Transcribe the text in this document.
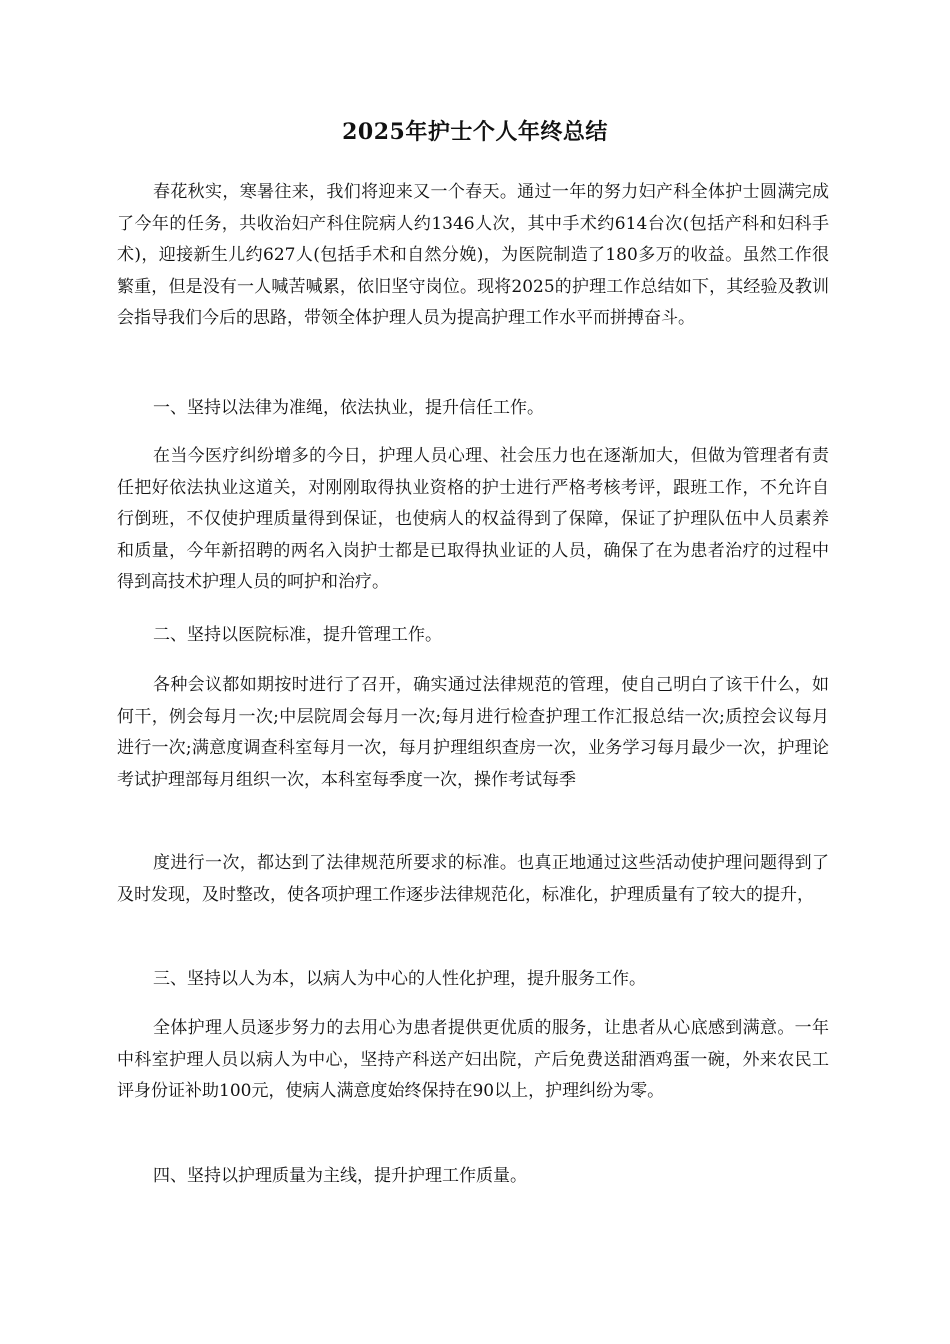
2025年护士个人年终总结

春花秋实，寒暑往来，我们将迎来又一个春天。通过一年的努力妇产科全体护士圆满完成了今年的任务，共收治妇产科住院病人约1346人次，其中手术约614台次(包括产科和妇科手术)，迎接新生儿约627人(包括手术和自然分娩)，为医院制造了180多万的收益。虽然工作很繁重，但是没有一人喊苦喊累，依旧坚守岗位。现将2025的护理工作总结如下，其经验及教训会指导我们今后的思路，带领全体护理人员为提高护理工作水平而拼搏奋斗。

一、坚持以法律为准绳，依法执业，提升信任工作。

在当今医疗纠纷增多的今日，护理人员心理、社会压力也在逐渐加大，但做为管理者有责任把好依法执业这道关，对刚刚取得执业资格的护士进行严格考核考评，跟班工作，不允许自行倒班，不仅使护理质量得到保证，也使病人的权益得到了保障，保证了护理队伍中人员素养和质量，今年新招聘的两名入岗护士都是已取得执业证的人员，确保了在为患者治疗的过程中得到高技术护理人员的呵护和治疗。

二、坚持以医院标准，提升管理工作。

各种会议都如期按时进行了召开，确实通过法律规范的管理，使自己明白了该干什么，如何干，例会每月一次;中层院周会每月一次;每月进行检查护理工作汇报总结一次;质控会议每月进行一次;满意度调查科室每月一次，每月护理组织查房一次，业务学习每月最少一次，护理论考试护理部每月组织一次，本科室每季度一次，操作考试每季

度进行一次，都达到了法律规范所要求的标准。也真正地通过这些活动使护理问题得到了及时发现，及时整改，使各项护理工作逐步法律规范化，标准化，护理质量有了较大的提升，

三、坚持以人为本，以病人为中心的人性化护理，提升服务工作。

全体护理人员逐步努力的去用心为患者提供更优质的服务，让患者从心底感到满意。一年中科室护理人员以病人为中心，坚持产科送产妇出院，产后免费送甜酒鸡蛋一碗，外来农民工评身份证补助100元，使病人满意度始终保持在90以上，护理纠纷为零。

四、坚持以护理质量为主线，提升护理工作质量。
